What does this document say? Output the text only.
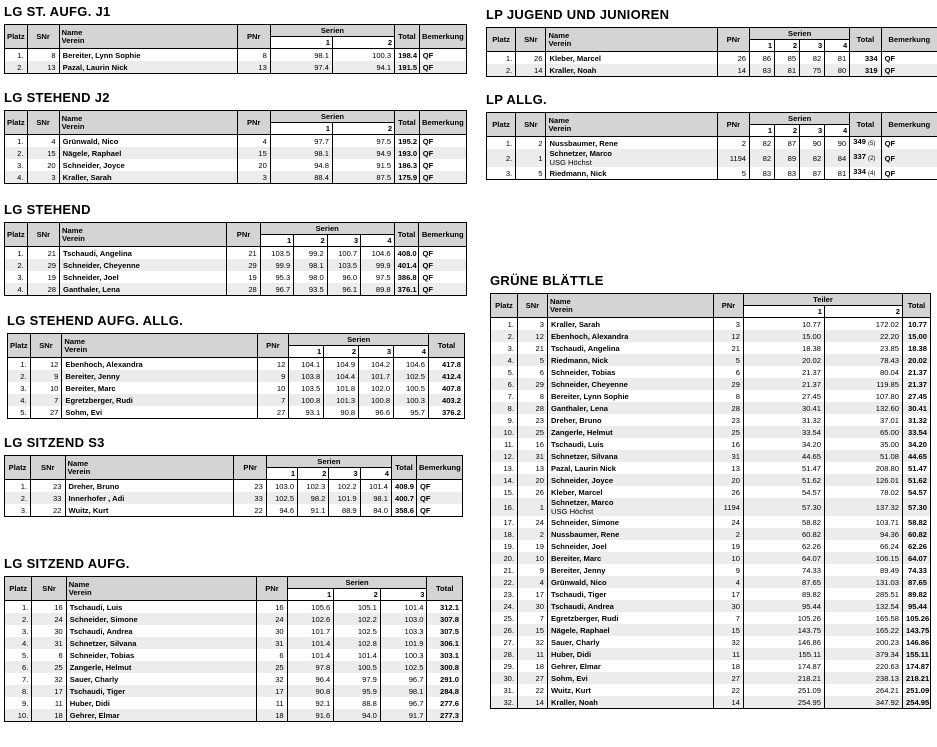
LG ST. AUFG. J1
Platz	SNr	Name
Verein	PNr	Serien		Total	Bemerkung
				1	2		
1.	8	Bereiter, Lynn Sophie	8	98.1	100.3	198.4	QF
2.	13	Pazal, Laurin Nick	13	97.4	94.1	191.5	QF
LG STEHEND J2
Platz	SNr	Name
Verein	PNr	Serien		Total	Bemerkung
				1	2		
1.	4	Grünwald, Nico	4	97.7	97.5	195.2	QF
2.	15	Nägele, Raphael	15	98.1	94.9	193.0	QF
3.	20	Schneider, Joyce	20	94.8	91.5	186.3	QF
4.	3	Kraller, Sarah	3	88.4	87.5	175.9	QF
LG STEHEND
Platz	SNr	Name
Verein	PNr	Serien				Total	Bemerkung
				1	2	3	4		
1.	21	Tschaudi, Angelina	21	103.5	99.2	100.7	104.6	408.0	QF
2.	29	Schneider, Cheyenne	29	99.9	98.1	103.5	99.9	401.4	QF
3.	19	Schneider, Joel	19	95.3	98.0	96.0	97.5	386.8	QF
4.	28	Ganthaler, Lena	28	96.7	93.5	96.1	89.8	376.1	QF
LG STEHEND AUFG. ALLG.
Platz	SNr	Name
Verein	PNr	Serien				Total
				1	2	3	4	
1.	12	Ebenhoch, Alexandra	12	104.1	104.9	104.2	104.6	417.8
2.	9	Bereiter, Jenny	9	103.8	104.4	101.7	102.5	412.4
3.	10	Bereiter, Marc	10	103.5	101.8	102.0	100.5	407.8
4.	7	Egretzberger, Rudi	7	100.8	101.3	100.8	100.3	403.2
5.	27	Sohm, Evi	27	93.1	90.8	96.6	95.7	376.2
LG SITZEND S3
Platz	SNr	Name
Verein	PNr	Serien				Total	Bemerkung
				1	2	3	4		
1.	23	Dreher, Bruno	23	103.0	102.3	102.2	101.4	408.9	QF
2.	33	Innerhofer , Adi	33	102.5	98.2	101.9	98.1	400.7	QF
3.	22	Wuitz, Kurt	22	94.6	91.1	88.9	84.0	358.6	QF
LG SITZEND AUFG.
Platz	SNr	Name
Verein	PNr	Serien			Total
				1	2	3	
1.	16	Tschaudi, Luis	16	105.6	105.1	101.4	312.1
2.	24	Schneider, Simone	24	102.6	102.2	103.0	307.8
3.	30	Tschaudi, Andrea	30	101.7	102.5	103.3	307.5
4.	31	Schnetzer, Silvana	31	101.4	102.8	101.9	306.1
5.	6	Schneider, Tobias	6	101.4	101.4	100.3	303.1
6.	25	Zangerle, Helmut	25	97.8	100.5	102.5	300.8
7.	32	Sauer, Charly	32	96.4	97.9	96.7	291.0
8.	17	Tschaudi, Tiger	17	90.8	95.9	98.1	284.8
9.	11	Huber, Didi	11	92.1	88.8	96.7	277.6
10.	18	Gehrer, Elmar	18	91.6	94.0	91.7	277.3
LP JUGEND UND JUNIOREN
Platz	SNr	Name
Verein	PNr	Serien				Total	Bemerkung
				1	2	3	4		
1.	26	Kleber, Marcel	26	86	85	82	81	334	QF
2.	14	Kraller, Noah	14	83	81	75	80	319	QF
LP ALLG.
Platz	SNr	Name
Verein	PNr	Serien				Total	Bemerkung
				1	2	3	4		
1.	2	Nussbaumer, Rene	2	82	87	90	90	349 (5)	QF
2.	1	Schnetzer, Marco
USG Höchst	1194	82	89	82	84	337 (2)	QF
3.	5	Riedmann, Nick	5	83	83	87	81	334 (4)	QF
GRÜNE BLÄTTLE
Platz	SNr	Name
Verein	PNr	Teiler		Total
				1	2	
1.	3	Kraller, Sarah	3	10.77	172.02	10.77
2.	12	Ebenhoch, Alexandra	12	15.00	22.20	15.00
3.	21	Tschaudi, Angelina	21	18.38	23.85	18.38
4.	5	Riedmann, Nick	5	20.02	78.43	20.02
5.	6	Schneider, Tobias	6	21.37	80.04	21.37
6.	29	Schneider, Cheyenne	29	21.37	119.85	21.37
7.	8	Bereiter, Lynn Sophie	8	27.45	107.80	27.45
8.	28	Ganthaler, Lena	28	30.41	132.60	30.41
9.	23	Dreher, Bruno	23	31.32	37.01	31.32
10.	25	Zangerle, Helmut	25	33.54	65.00	33.54
11.	16	Tschaudi, Luis	16	34.20	35.00	34.20
12.	31	Schnetzer, Silvana	31	44.65	51.08	44.65
13.	13	Pazal, Laurin Nick	13	51.47	208.80	51.47
14.	20	Schneider, Joyce	20	51.62	126.01	51.62
15.	26	Kleber, Marcel	26	54.57	78.02	54.57
16.	1	Schnetzer, Marco
USG Höchst	1194	57.30	137.32	57.30
17.	24	Schneider, Simone	24	58.82	103.71	58.82
18.	2	Nussbaumer, Rene	2	60.82	94.36	60.82
19.	19	Schneider, Joel	19	62.26	66.24	62.26
20.	10	Bereiter, Marc	10	64.07	106.15	64.07
21.	9	Bereiter, Jenny	9	74.33	89.49	74.33
22.	4	Grünwald, Nico	4	87.65	131.03	87.65
23.	17	Tschaudi, Tiger	17	89.82	285.51	89.82
24.	30	Tschaudi, Andrea	30	95.44	132.54	95.44
25.	7	Egretzberger, Rudi	7	105.26	165.58	105.26
26.	15	Nägele, Raphael	15	143.75	165.22	143.75
27.	32	Sauer, Charly	32	146.86	200.23	146.86
28.	11	Huber, Didi	11	155.11	379.34	155.11
29.	18	Gehrer, Elmar	18	174.87	220.63	174.87
30.	27	Sohm, Evi	27	218.21	238.13	218.21
31.	22	Wuitz, Kurt	22	251.09	264.21	251.09
32.	14	Kraller, Noah	14	254.95	347.92	254.95
